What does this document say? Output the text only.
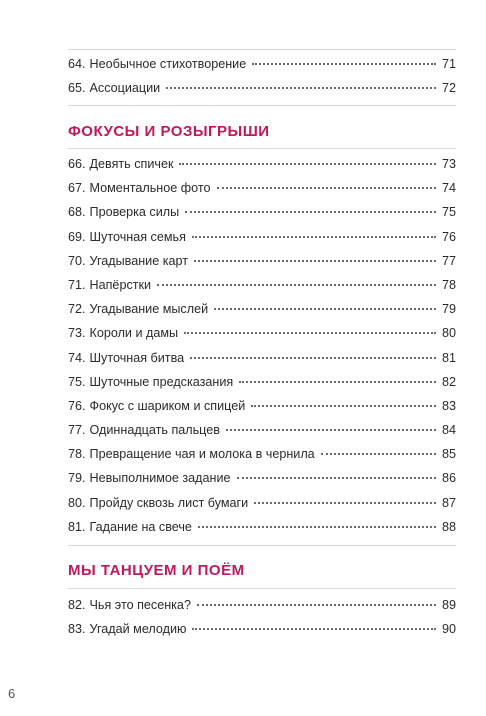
64. Необычное стихотворение	71
65. Ассоциации	72
ФОКУСЫ И РОЗЫГРЫШИ
66. Девять спичек	73
67. Моментальное фото	74
68. Проверка силы	75
69. Шуточная семья	76
70. Угадывание карт	77
71. Напёрстки	78
72. Угадывание мыслей	79
73. Короли и дамы	80
74. Шуточная битва	81
75. Шуточные предсказания	82
76. Фокус с шариком и спицей	83
77. Одиннадцать пальцев	84
78. Превращение чая и молока в чернила	85
79. Невыполнимое задание	86
80. Пройду сквозь лист бумаги	87
81. Гадание на свече	88
МЫ ТАНЦУЕМ И ПОЁМ
82. Чья это песенка?	89
83. Угадай мелодию	90
6
